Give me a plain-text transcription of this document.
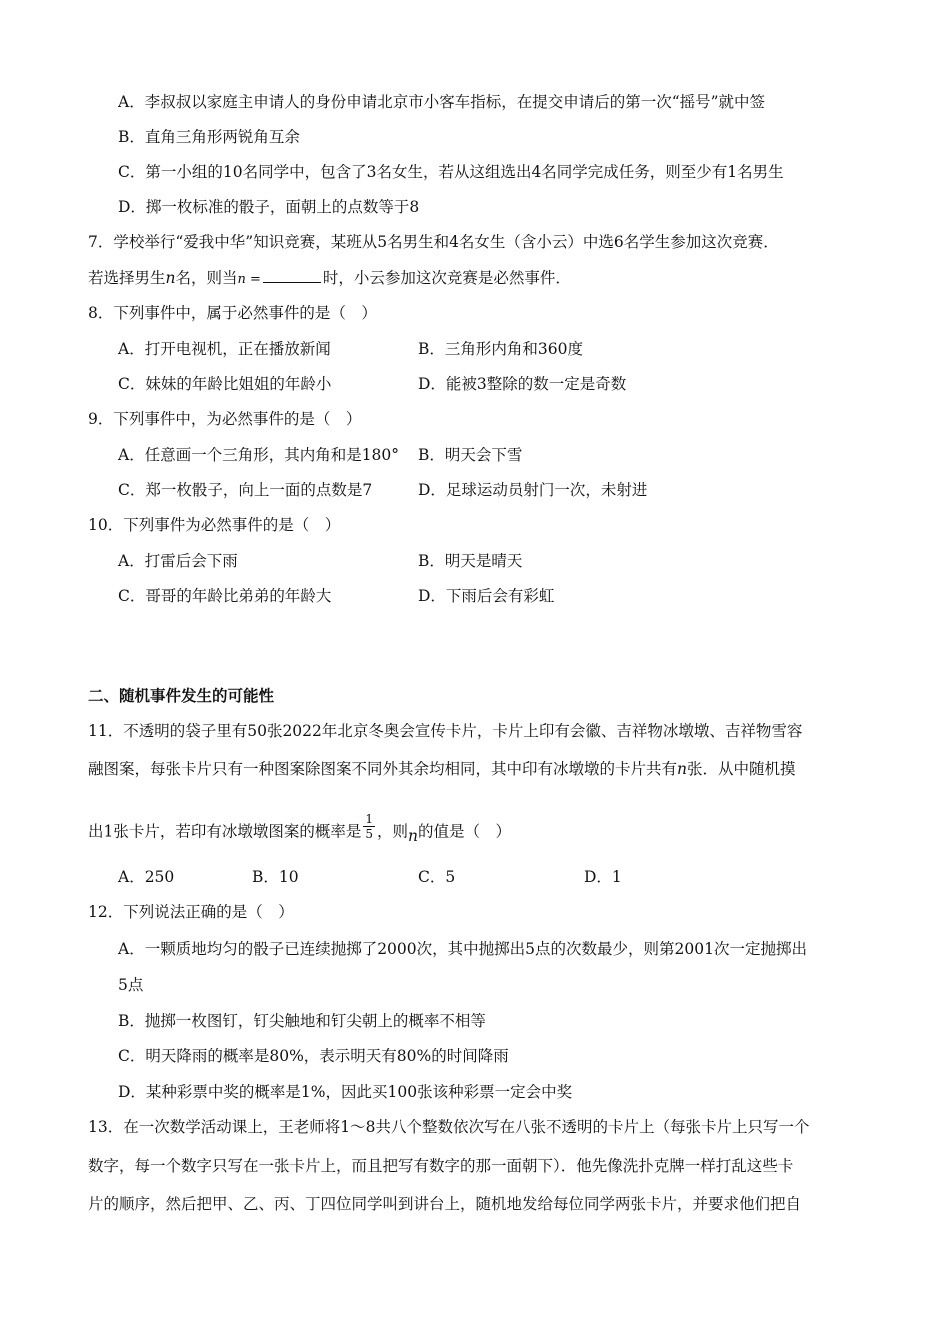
A．李叔叔以家庭主申请人的身份申请北京市小客车指标，在提交申请后的第一次“摇号”就中签
B．直角三角形两锐角互余
C．第一小组的10名同学中，包含了3名女生，若从这组选出4名同学完成任务，则至少有1名男生
D．掷一枚标准的骰子，面朝上的点数等于8
7．学校举行“爱我中华”知识竞赛，某班从5名男生和4名女生（含小云）中选6名学生参加这次竞赛．
若选择男生n名，则当n =	时，小云参加这次竞赛是必然事件．
8．下列事件中，属于必然事件的是（　）
A．打开电视机，正在播放新闻	B．三角形内角和360度
C．妹妹的年龄比姐姐的年龄小	D．能被3整除的数一定是奇数
9．下列事件中，为必然事件的是（　）
A．任意画一个三角形，其内角和是180° B．明天会下雪
C．郑一枚骰子，向上一面的点数是7	D．足球运动员射门一次，未射进
10．下列事件为必然事件的是（　）
A．打雷后会下雨	B．明天是晴天
C．哥哥的年龄比弟弟的年龄大	D．下雨后会有彩虹
二、随机事件发生的可能性
11．不透明的袋子里有50张2022年北京冬奥会宣传卡片，卡片上印有会徽、吉祥物冰墩墩、吉祥物雪容
融图案，每张卡片只有一种图案除图案不同外其余均相同，其中印有冰墩墩的卡片共有n张．从中随机摸
出1张卡片，若印有冰墩墩图案的概率是 $\frac{1}{5}$ ，则n的值是（　）
A．250	B．10	C．5	D．1
12．下列说法正确的是（　）
A．一颗质地均匀的骰子已连续抛掷了2000次，其中抛掷出5点的次数最少，则第2001次一定抛掷出
5点
B．抛掷一枚图钉，钉尖触地和钉尖朝上的概率不相等
C．明天降雨的概率是80%，表示明天有80%的时间降雨
D．某种彩票中奖的概率是1%，因此买100张该种彩票一定会中奖
13．在一次数学活动课上，王老师将1～8共八个整数依次写在八张不透明的卡片上（每张卡片上只写一个
数字，每一个数字只写在一张卡片上，而且把写有数字的那一面朝下）．他先像洗扑克牌一样打乱这些卡
片的顺序，然后把甲、乙、丙、丁四位同学叫到讲台上，随机地发给每位同学两张卡片，并要求他们把自
